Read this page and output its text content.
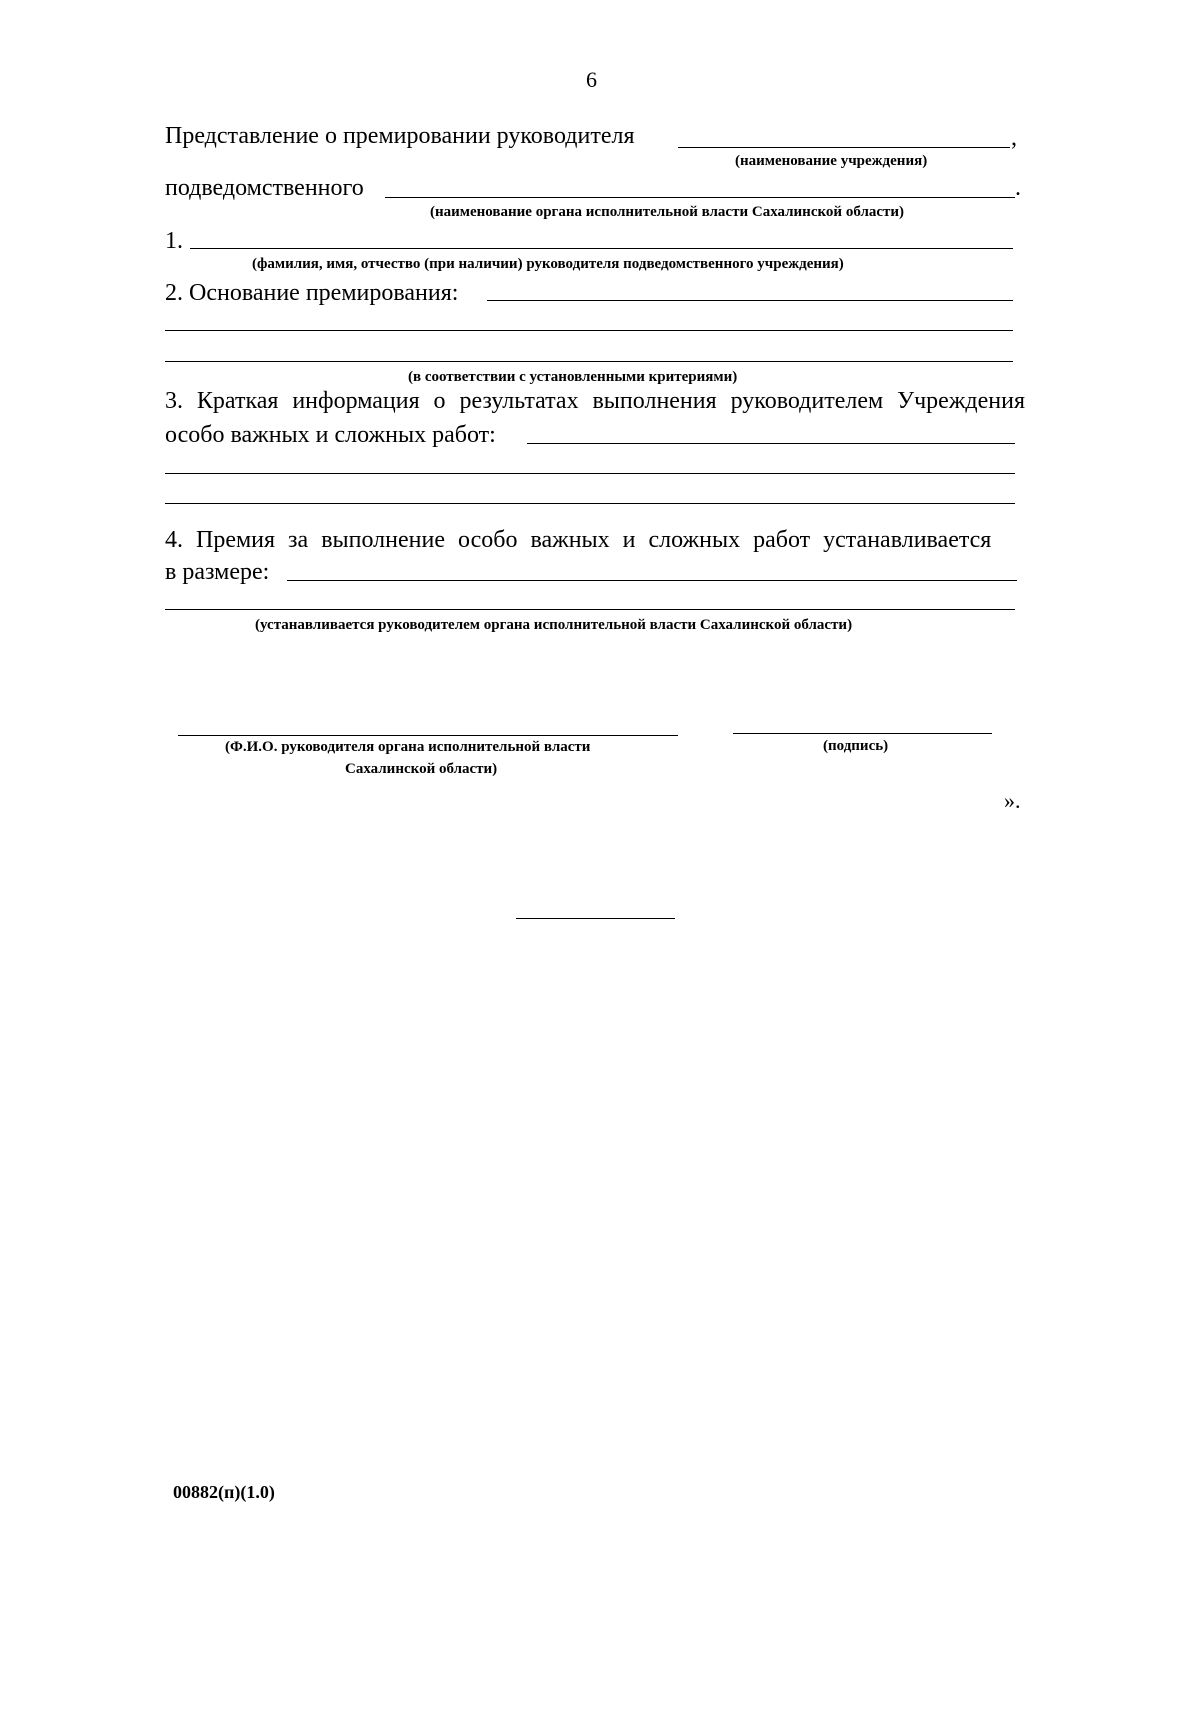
6
Представление о премировании руководителя	,
(наименование учреждения)
подведомственного	.
(наименование органа исполнительной власти Сахалинской области)
1.
(фамилия, имя, отчество (при наличии) руководителя подведомственного учреждения)
2. Основание премирования:
(в соответствии с установленными критериями)
3. Краткая информация о результатах выполнения руководителем Учреждения
особо важных и сложных работ:
4. Премия за выполнение особо важных и сложных работ устанавливается
в размере:
(устанавливается руководителем органа исполнительной власти Сахалинской области)
(Ф.И.О. руководителя органа исполнительной власти
Сахалинской области)
(подпись)
».
00882(п)(1.0)
